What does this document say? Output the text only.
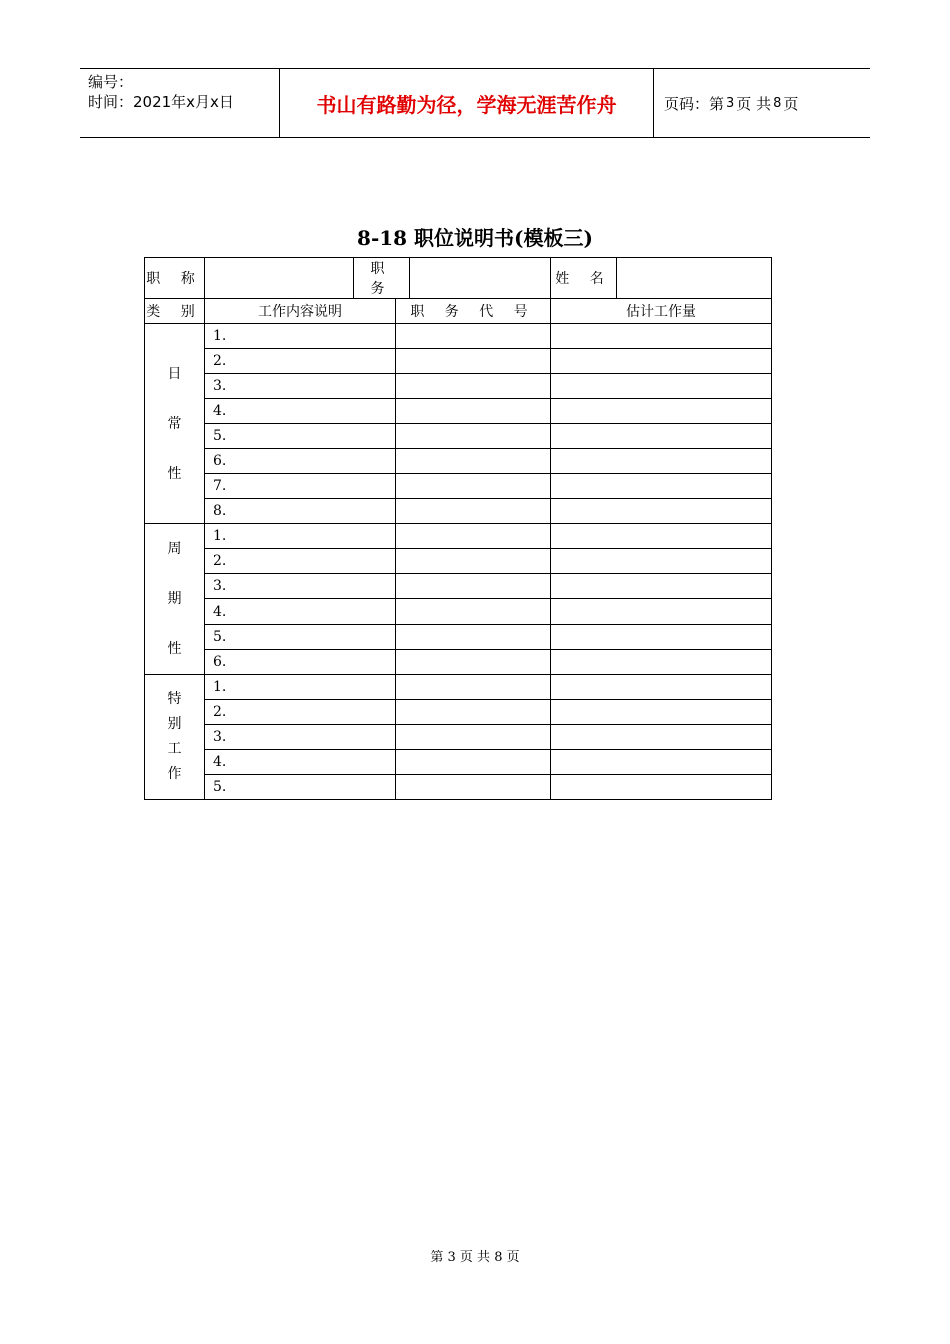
编号：
时间：2021年x月x日	书山有路勤为径，学海无涯苦作舟	页码：第 3 页 共 8 页
8-18 职位说明书(模板三)
职 称		职 务			姓 名	
类 别	工作内容说明		职 务 代 号		估计工作量	

日
常
性	1.					
	2.					
	3.					
	4.					
	5.					
	6.					
	7.					
	8.					

周
期
性	1.					
	2.					
	3.					
	4.					
	5.					
	6.					

特
别
工
作	1.					
	2.					
	3.					
	4.					
	5.					
第 3 页 共 8 页
